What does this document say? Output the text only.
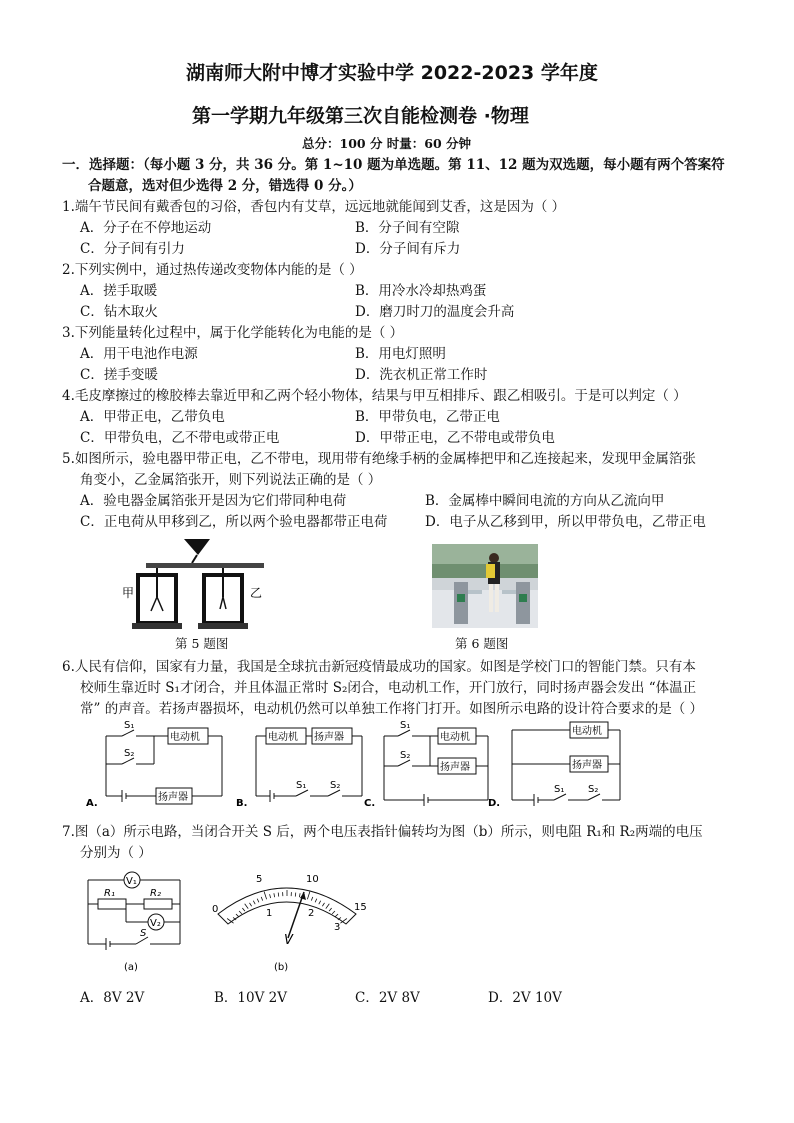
湖南师大附中博才实验中学 2022-2023 学年度
第一学期九年级第三次自能检测卷 ·物理
总分：100 分 时量：60 分钟
一．选择题：（每小题 3 分，共 36 分。第 1~10 题为单选题。第 11、12 题为双选题，每小题有两个答案符
合题意，选对但少选得 2 分，错选得 0 分。）
1.端午节民间有戴香包的习俗，香包内有艾草，远远地就能闻到艾香，这是因为（ ）
A．分子在不停地运动	B．分子间有空隙
C．分子间有引力	D．分子间有斥力
2.下列实例中，通过热传递改变物体内能的是（ ）
A．搓手取暖	B．用冷水冷却热鸡蛋
C．钻木取火	D．磨刀时刀的温度会升高
3.下列能量转化过程中，属于化学能转化为电能的是（ ）
A．用干电池作电源	B．用电灯照明
C．搓手变暖	D．洗衣机正常工作时
4.毛皮摩擦过的橡胶棒去靠近甲和乙两个轻小物体，结果与甲互相排斥、跟乙相吸引。于是可以判定（ ）
A．甲带正电，乙带负电	B．甲带负电，乙带正电
C．甲带负电，乙不带电或带正电	D．甲带正电，乙不带电或带负电
5.如图所示，验电器甲带正电，乙不带电，现用带有绝缘手柄的金属棒把甲和乙连接起来，发现甲金属箔张
角变小，乙金属箔张开，则下列说法正确的是（ ）
A．验电器金属箔张开是因为它们带同种电荷	B．金属棒中瞬间电流的方向从乙流向甲
C．正电荷从甲移到乙，所以两个验电器都带正电荷	D．电子从乙移到甲，所以甲带负电，乙带正电
甲	乙
第 5 题图	第 6 题图
6.人民有信仰，国家有力量，我国是全球抗击新冠疫情最成功的国家。如图是学校门口的智能门禁。只有本
校师生靠近时 S₁才闭合，并且体温正常时 S₂闭合，电动机工作，开门放行，同时扬声器会发出 “体温正
常” 的声音。若扬声器损坏，电动机仍然可以单独工作将门打开。如图所示电路的设计符合要求的是（ ）
电动机
扬声器
S₁
S₂
A.
电动机 扬声器
S₁ S₂
B.
电动机
扬声器
S₁
S₂
C.
电动机
扬声器
S₁ S₂
D.
7.图（a）所示电路，当闭合开关 S 后，两个电压表指针偏转均为图（b）所示，则电阻 R₁和 R₂两端的电压
分别为（ ）
V₁
V₂
R₁	R₂
S
(a)
0
5	10
15
1	2
3
V
(b)
A．8V 2V	B．10V 2V	C．2V 8V	D．2V 10V
